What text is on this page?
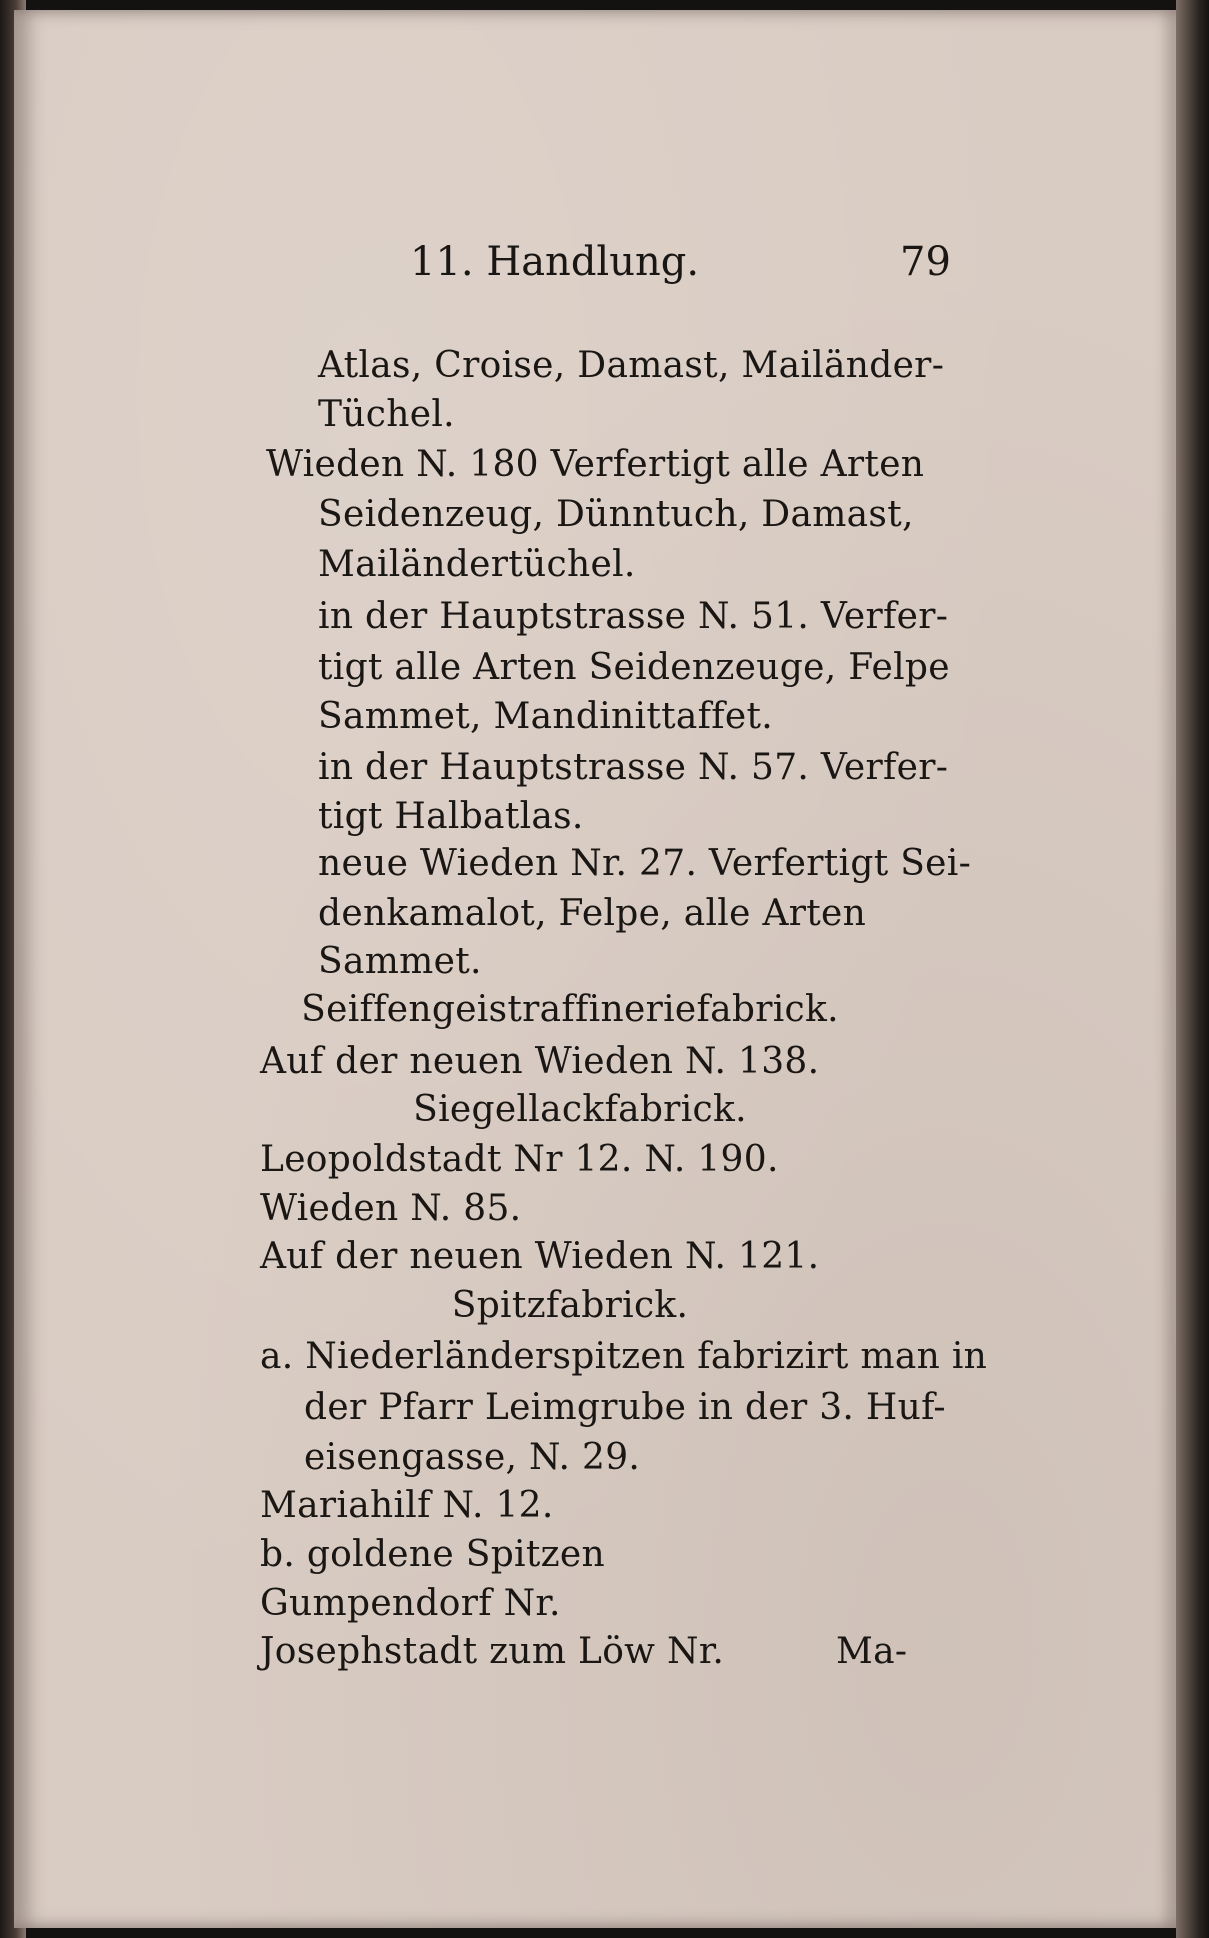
11. Handlung.	79
Atlas, Croise, Damast, Mailänder-
Tüchel.
Wieden N. 180 Verfertigt alle Arten
Seidenzeug, Dünntuch, Damast,
Mailändertüchel.
in der Hauptstrasse N. 51. Verfer-
tigt alle Arten Seidenzeuge, Felpe
Sammet, Mandinittaffet.
in der Hauptstrasse N. 57. Verfer-
tigt Halbatlas.
neue Wieden Nr. 27. Verfertigt Sei-
denkamalot, Felpe, alle Arten
Sammet.
Seiffengeistraffineriefabrick.
Auf der neuen Wieden N. 138.
Siegellackfabrick.
Leopoldstadt Nr 12. N. 190.
Wieden N. 85.
Auf der neuen Wieden N. 121.
Spitzfabrick.
a. Niederländerspitzen fabrizirt man in
der Pfarr Leimgrube in der 3. Huf-
eisengasse, N. 29.
Mariahilf N. 12.
b. goldene Spitzen
Gumpendorf Nr.
Josephstadt zum Löw Nr.	Ma-
